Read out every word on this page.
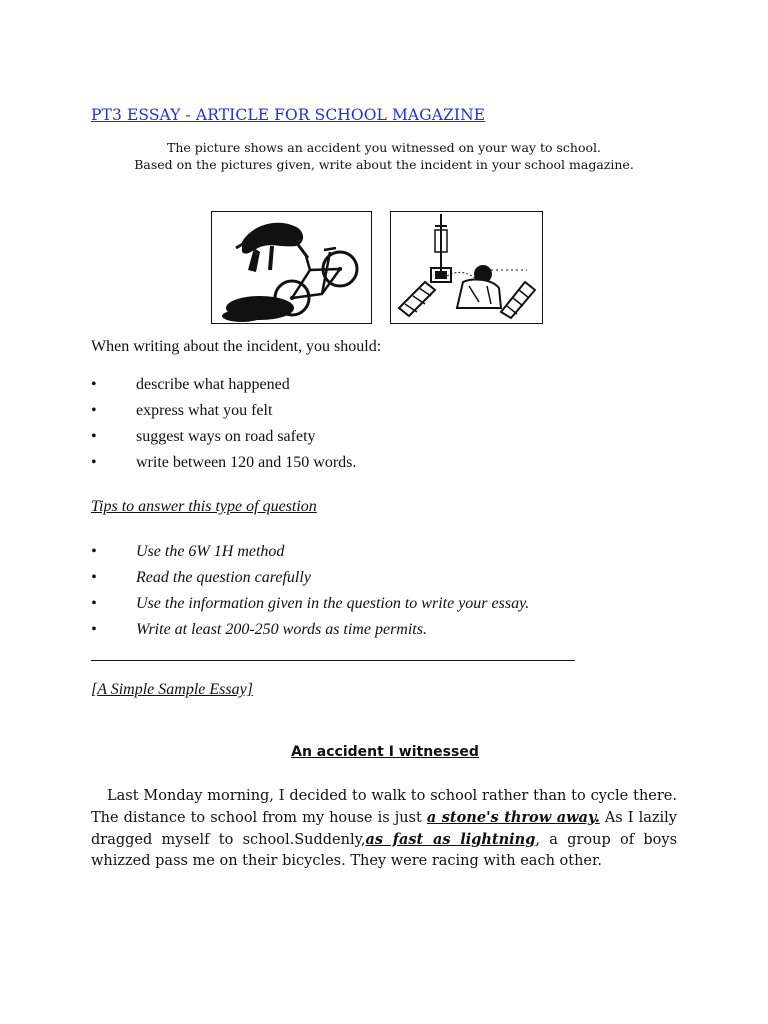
PT3 ESSAY - ARTICLE FOR SCHOOL MAGAZINE
The picture shows an accident you witnessed on your way to school.
Based on the pictures given, write about the incident in your school magazine.
When writing about the incident, you should:
• describe what happened
• express what you felt
• suggest ways on road safety
• write between 120 and 150 words.
Tips to answer this type of question
• Use the 6W 1H method
• Read the question carefully
• Use the information given in the question to write your essay.
• Write at least 200-250 words as time permits.
[A Simple Sample Essay]
An accident I witnessed
Last Monday morning, I decided to walk to school rather than to cycle there. The distance to school from my house is just a stone's throw away. As I lazily dragged myself to school.Suddenly,as fast as lightning, a group of boys whizzed pass me on their bicycles. They were racing with each other.
